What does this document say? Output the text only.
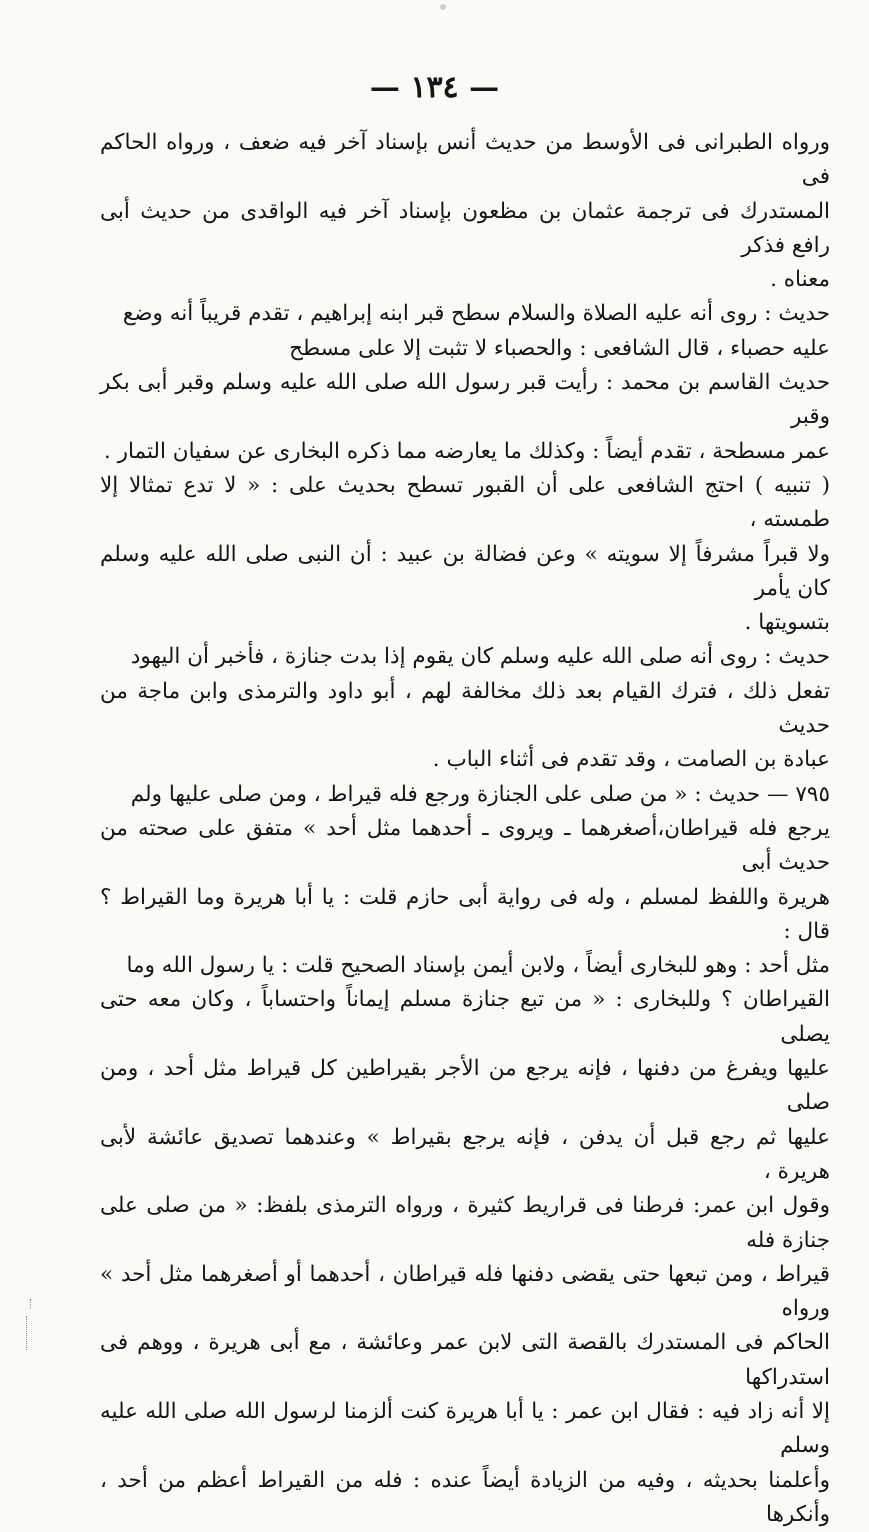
— ١٣٤ —

ورواه الطبرانى فى الأوسط من حديث أنس بإسناد آخر فيه ضعف ، ورواه الحاكم فى

المستدرك فى ترجمة عثمان بن مظعون بإسناد آخر فيه الواقدى من حديث أبى رافع فذكر

معناه .

حديث : روى أنه عليه الصلاة والسلام سطح قبر ابنه إبراهيم ، تقدم قريباً أنه وضع

عليه حصباء ، قال الشافعى : والحصباء لا تثبت إلا على مسطح

حديث القاسم بن محمد : رأيت قبر رسول الله صلى الله عليه وسلم وقبر أبى بكر وقبر

عمر مسطحة ، تقدم أيضاً : وكذلك ما يعارضه مما ذكره البخارى عن سفيان التمار .

( تنبيه ) احتج الشافعى على أن القبور تسطح بحديث على : « لا تدع تمثالا إلا طمسته ،

ولا قبراً مشرفاً إلا سويته » وعن فضالة بن عبيد : أن النبى صلى الله عليه وسلم كان يأمر

بتسويتها .

حديث : روى أنه صلى الله عليه وسلم كان يقوم إذا بدت جنازة ، فأخبر أن اليهود

تفعل ذلك ، فترك القيام بعد ذلك مخالفة لهم ، أبو داود والترمذى وابن ماجة من حديث

عبادة بن الصامت ، وقد تقدم فى أثناء الباب .

٧٩٥ — حديث : « من صلى على الجنازة ورجع فله قيراط ، ومن صلى عليها ولم

يرجع فله قيراطان،أصغرهما ـ ويروى ـ أحدهما مثل أحد » متفق على صحته من حديث أبى

هريرة واللفظ لمسلم ، وله فى رواية أبى حازم قلت : يا أبا هريرة وما القيراط ؟ قال :

مثل أحد : وهو للبخارى أيضاً ، ولابن أيمن بإسناد الصحيح قلت : يا رسول الله وما

القيراطان ؟ وللبخارى : « من تبع جنازة مسلم إيماناً واحتساباً ، وكان معه حتى يصلى

عليها ويفرغ من دفنها ، فإنه يرجع من الأجر بقيراطين كل قيراط مثل أحد ، ومن صلى

عليها ثم رجع قبل أن يدفن ، فإنه يرجع بقيراط » وعندهما تصديق عائشة لأبى هريرة ،

وقول ابن عمر: فرطنا فى قراريط كثيرة ، ورواه الترمذى بلفظ: « من صلى على جنازة فله

قيراط ، ومن تبعها حتى يقضى دفنها فله قيراطان ، أحدهما أو أصغرهما مثل أحد » ورواه

الحاكم فى المستدرك بالقصة التى لابن عمر وعائشة ، مع أبى هريرة ، ووهم فى استدراكها

إلا أنه زاد فيه : فقال ابن عمر : يا أبا هريرة كنت ألزمنا لرسول الله صلى الله عليه وسلم

وأعلمنا بحديثه ، وفيه من الزيادة أيضاً عنده : فله من القيراط أعظم من أحد ، وأنكرها
